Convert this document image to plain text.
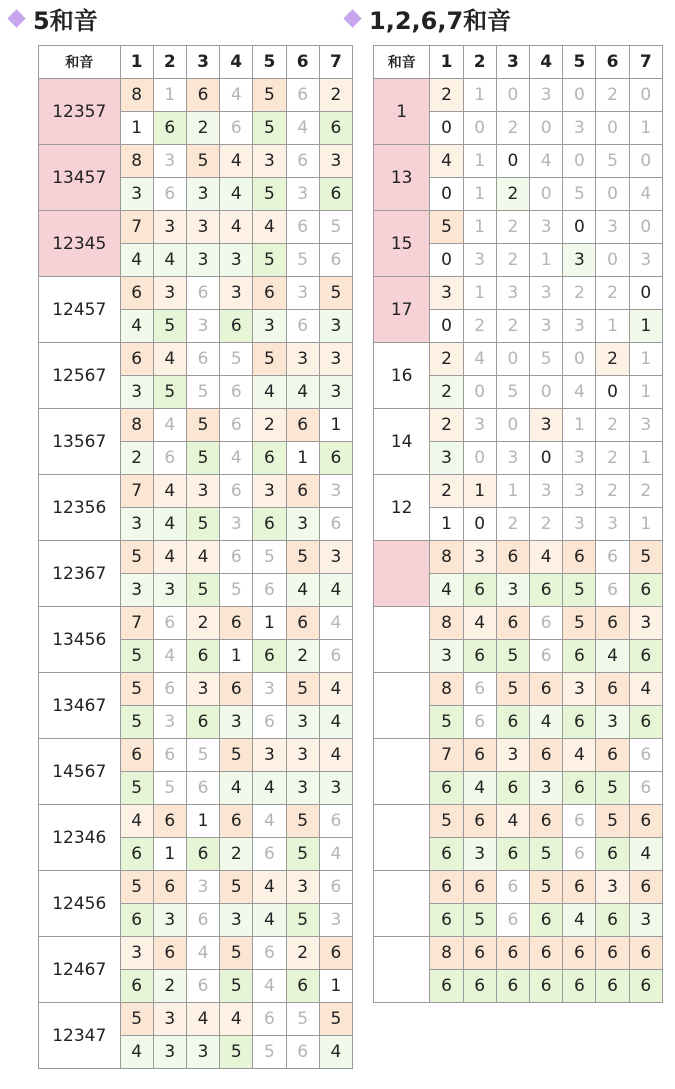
5和音	1,2,6,7和音
和音	1	2	3	4	5	6	7
12357	8	1	6	4	5	6	2
	1	6	2	6	5	4	6
13457	8	3	5	4	3	6	3
	3	6	3	4	5	3	6
12345	7	3	3	4	4	6	5
	4	4	3	3	5	5	6
12457	6	3	6	3	6	3	5
	4	5	3	6	3	6	3
12567	6	4	6	5	5	3	3
	3	5	5	6	4	4	3
13567	8	4	5	6	2	6	1
	2	6	5	4	6	1	6
12356	7	4	3	6	3	6	3
	3	4	5	3	6	3	6
12367	5	4	4	6	5	5	3
	3	3	5	5	6	4	4
13456	7	6	2	6	1	6	4
	5	4	6	1	6	2	6
13467	5	6	3	6	3	5	4
	5	3	6	3	6	3	4
14567	6	6	5	5	3	3	4
	5	5	6	4	4	3	3
12346	4	6	1	6	4	5	6
	6	1	6	2	6	5	4
12456	5	6	3	5	4	3	6
	6	3	6	3	4	5	3
12467	3	6	4	5	6	2	6
	6	2	6	5	4	6	1
12347	5	3	4	4	6	5	5
	4	3	3	5	5	6	4
和音	1	2	3	4	5	6	7
1	2	1	0	3	0	2	0
	0	0	2	0	3	0	1
13	4	1	0	4	0	5	0
	0	1	2	0	5	0	4
15	5	1	2	3	0	3	0
	0	3	2	1	3	0	3
17	3	1	3	3	2	2	0
	0	2	2	3	3	1	1
16	2	4	0	5	0	2	1
	2	0	5	0	4	0	1
14	2	3	0	3	1	2	3
	3	0	3	0	3	2	1
12	2	1	1	3	3	2	2
	1	0	2	2	3	3	1
	8	3	6	4	6	6	5
	4	6	3	6	5	6	6
	8	4	6	6	5	6	3
	3	6	5	6	6	4	6
	8	6	5	6	3	6	4
	5	6	6	4	6	3	6
	7	6	3	6	4	6	6
	6	4	6	3	6	5	6
	5	6	4	6	6	5	6
	6	3	6	5	6	6	4
	6	6	6	5	6	3	6
	6	5	6	6	4	6	3
	8	6	6	6	6	6	6
	6	6	6	6	6	6	6
